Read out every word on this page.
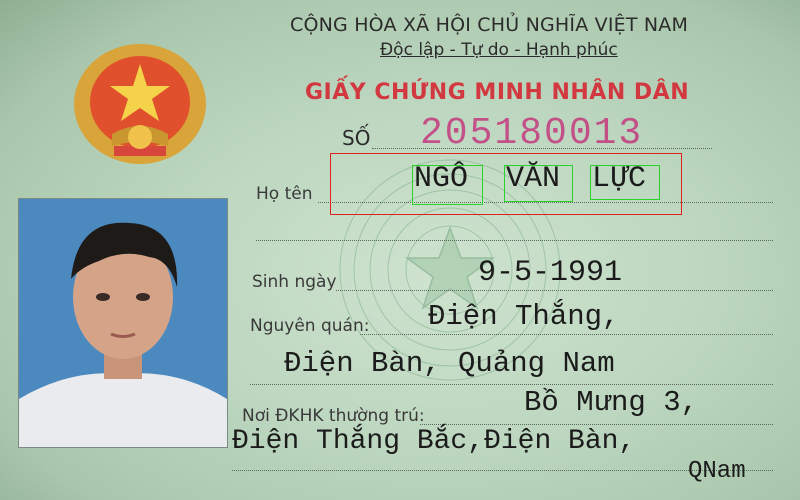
CỘNG HÒA XÃ HỘI CHỦ NGHĨA VIỆT NAM
Độc lập - Tự do - Hạnh phúc
GIẤY CHỨNG MINH NHÂN DÂN
SỐ 205180013
Họ tên
Sinh ngày	9-5-1991
Nguyên quán: Điện Thắng,
Điện Bàn, Quảng Nam
Nơi ĐKHK thường trú:	Bồ Mưng 3,
Điện Thắng Bắc,Điện Bàn,
QNam
NGÔ VĂN LỰC
